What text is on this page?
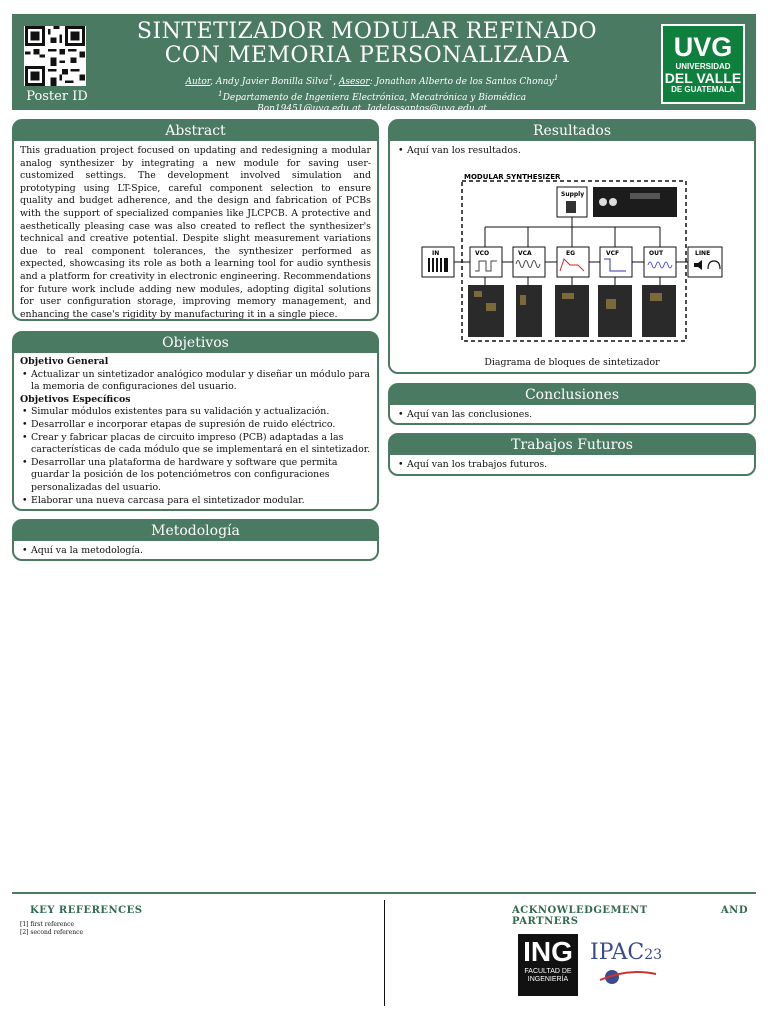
Poster ID
SINTETIZADOR MODULAR REFINADO
CON MEMORIA PERSONALIZADA
Autor, Andy Javier Bonilla Silva$^1$, Asesor: Jonathan Alberto de los Santos Chonay$^1$
$^1$Departamento de Ingeniera Electrónica, Mecatrónica y Biomédica
Bon19451@uvg.edu.gt, Jadelossantos@uvg.edu.gt
UVG
UNIVERSIDAD
DEL VALLE
DE GUATEMALA
Abstract
This graduation project focused on updating and redesigning a modular analog synthesizer by integrating a new module for saving user-customized settings. The development involved simulation and prototyping using LT-Spice, careful component selection to ensure quality and budget adherence, and the design and fabrication of PCBs with the support of specialized companies like JLCPCB. A protective and aesthetically pleasing case was also created to reflect the synthesizer's technical and creative potential. Despite slight measurement variations due to real component tolerances, the synthesizer performed as expected, showcasing its role as both a learning tool for audio synthesis and a platform for creativity in electronic engineering. Recommendations for future work include adding new modules, adopting digital solutions for user configuration storage, improving memory management, and enhancing the case's rigidity by manufacturing it in a single piece.
Objetivos
Objetivo General
• Actualizar un sintetizador analógico modular y diseñar un módulo para la memoria de configuraciones del usuario.
Objetivos Específicos
• Simular módulos existentes para su validación y actualización.
• Desarrollar e incorporar etapas de supresión de ruido eléctrico.
• Crear y fabricar placas de circuito impreso (PCB) adaptadas a las características de cada módulo que se implementará en el sintetizador.
• Desarrollar una plataforma de hardware y software que permita guardar la posición de los potenciómetros con configuraciones personalizadas del usuario.
• Elaborar una nueva carcasa para el sintetizador modular.
Metodología
• Aquí va la metodología.
Resultados
• Aquí van los resultados.
MODULAR SYNTHESIZER
Supply
IN	VCO	VCA	EG	VCF	OUT	LINE
Diagrama de bloques de sintetizador
Conclusiones
• Aquí van las conclusiones.
Trabajos Futuros
• Aquí van los trabajos futuros.
KEY REFERENCES
[1] first reference
[2] second reference
ACKNOWLEDGEMENT AND PARTNERS
ING
FACULTAD DE
INGENIERÍA
IPAC23
